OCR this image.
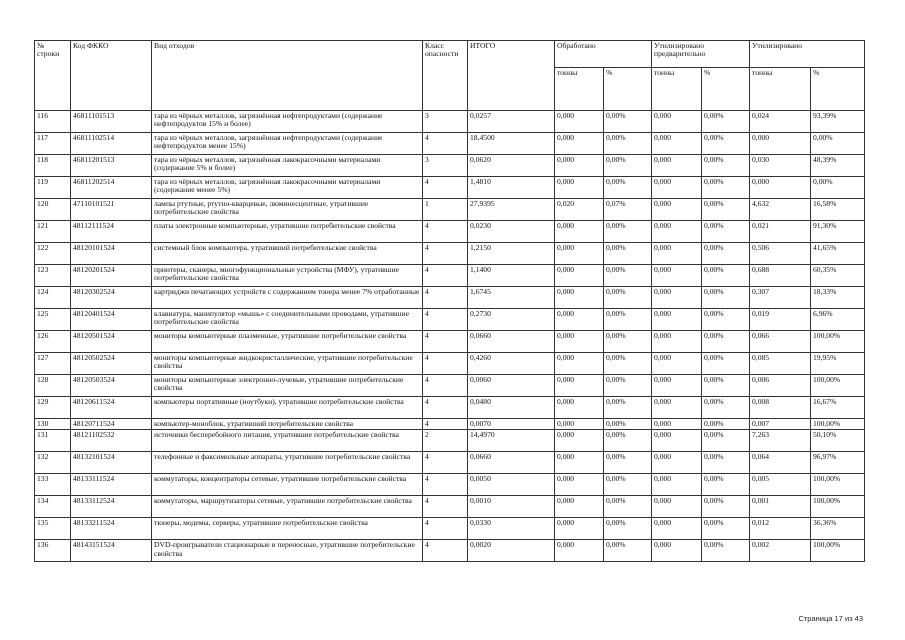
№ строки	Код ФККО	Вид отходов	Класс опасности	ИТОГО	Обработано		Утилизировано предварительно		Утилизировано	
					тонны	%	тонны	%	тонны	%
116	46811101513	тара из чёрных металлов, загрязнённая нефтепродуктами (содержание нефтепродуктов 15% и более)	3	0,0257	0,000	0,00%	0,000	0,00%	0,024	93,39%
117	46811102514	тара из чёрных металлов, загрязнённая нефтепродуктами (содержание нефтепродуктов менее 15%)	4	18,4500	0,000	0,00%	0,000	0,00%	0,000	0,00%
118	46811201513	тара из чёрных металлов, загрязнённая лакокрасочными материалами (содержание 5% и более)	3	0,0620	0,000	0,00%	0,000	0,00%	0,030	48,39%
119	46811202514	тара из чёрных металлов, загрязнённая лакокрасочными материалами (содержание менее 5%)	4	1,4810	0,000	0,00%	0,000	0,00%	0,000	0,00%
120	47110101521	лампы ртутные, ртутно-кварцевые, люминесцентные, утратившие потребительские свойства	1	27,9395	0,020	0,07%	0,000	0,00%	4,632	16,58%
121	48112111524	платы электронные компьютерные, утратившие потребительские свойства	4	0,0230	0,000	0,00%	0,000	0,00%	0,021	91,30%
122	48120101524	системный блок компьютера, утративший потребительские свойства	4	1,2150	0,000	0,00%	0,000	0,00%	0,506	41,65%
123	48120201524	принтеры, сканеры, многофункциональные устройства (МФУ), утратившие потребительские свойства	4	1,1400	0,000	0,00%	0,000	0,00%	0,688	60,35%
124	48120302524	картриджи печатающих устройств с содержанием тонера менее 7% отработанные	4	1,6745	0,000	0,00%	0,000	0,00%	0,307	18,33%
125	48120401524	клавиатура, манипулятор «мышь» с соединительными проводами, утратившие потребительские свойства	4	0,2730	0,000	0,00%	0,000	0,00%	0,019	6,96%
126	48120501524	мониторы компьютерные плазменные, утратившие потребительские свойства	4	0,0660	0,000	0,00%	0,000	0,00%	0,066	100,00%
127	48120502524	мониторы компьютерные жидкокристаллические, утратившие потребительские свойства	4	0,4260	0,000	0,00%	0,000	0,00%	0,085	19,95%
128	48120503524	мониторы компьютерные электронно-лучевые, утратившие потребительские свойства	4	0,0060	0,000	0,00%	0,000	0,00%	0,006	100,00%
129	48120611524	компьютеры портативные (ноутбуки), утратившие потребительские свойства	4	0,0480	0,000	0,00%	0,000	0,00%	0,008	16,67%
130	48120711524	компьютер-моноблок, утративший потребительские свойства	4	0,0070	0,000	0,00%	0,000	0,00%	0,007	100,00%
131	48121102532	источники бесперебойного питания, утратившие потребительские свойства	2	14,4970	0,000	0,00%	0,000	0,00%	7,263	50,10%
132	48132101524	телефонные и факсимильные аппараты, утратившие потребительские свойства	4	0,0660	0,000	0,00%	0,000	0,00%	0,064	96,97%
133	48133111524	коммутаторы, концентраторы сетевые, утратившие потребительские свойства	4	0,0050	0,000	0,00%	0,000	0,00%	0,005	100,00%
134	48133112524	коммутаторы, маршрутизаторы сетевые, утратившие потребительские свойства	4	0,0010	0,000	0,00%	0,000	0,00%	0,001	100,00%
135	48133211524	тюнеры, модемы, серверы, утратившие потребительские свойства	4	0,0330	0,000	0,00%	0,000	0,00%	0,012	36,36%
136	48143151524	DVD-проигрыватели стационарные и переносные, утратившие потребительские свойства	4	0,0020	0,000	0,00%	0,000	0,00%	0,002	100,00%
Страница 17 из 43
